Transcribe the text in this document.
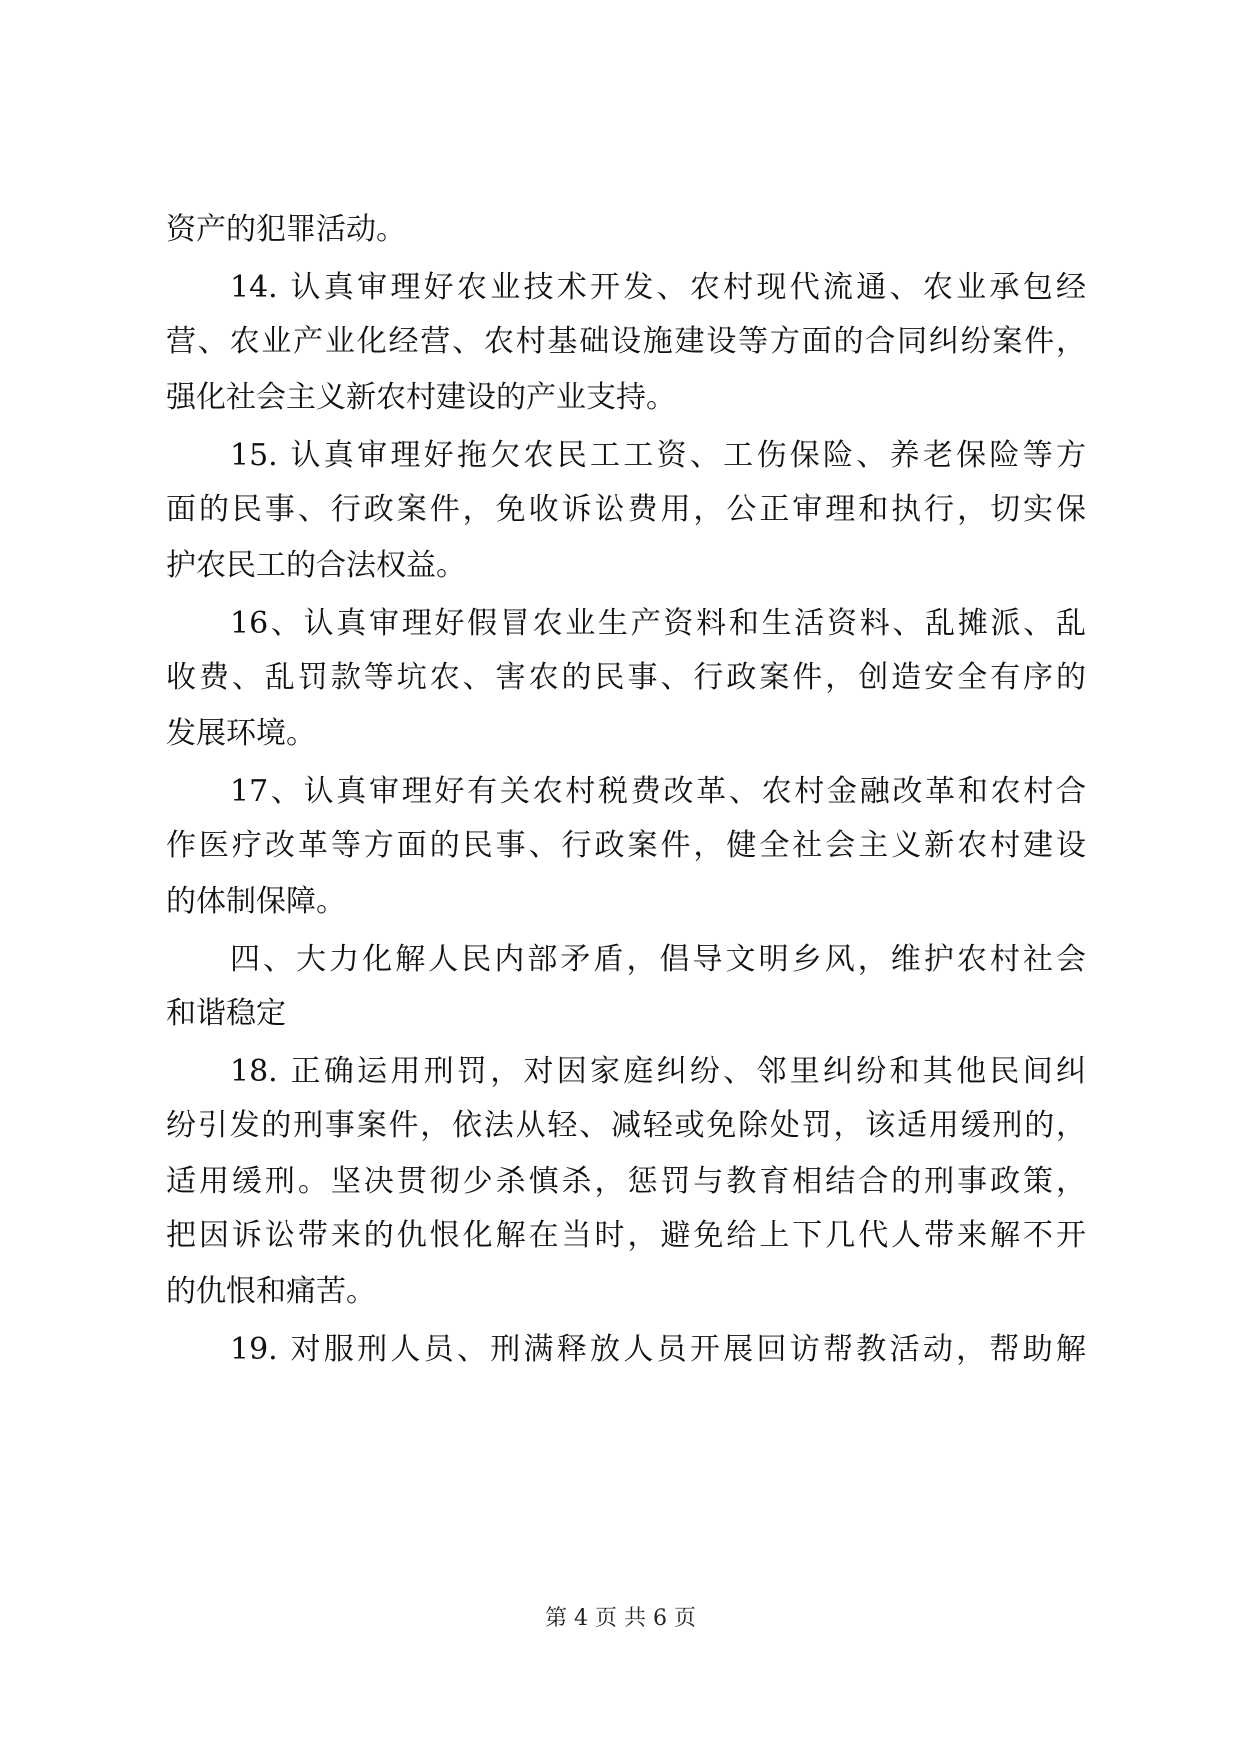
资产的犯罪活动。
14. 认真审理好农业技术开发、农村现代流通、农业承包经
营、农业产业化经营、农村基础设施建设等方面的合同纠纷案件，
强化社会主义新农村建设的产业支持。
15. 认真审理好拖欠农民工工资、工伤保险、养老保险等方
面的民事、行政案件，免收诉讼费用，公正审理和执行，切实保
护农民工的合法权益。
16、认真审理好假冒农业生产资料和生活资料、乱摊派、乱
收费、乱罚款等坑农、害农的民事、行政案件，创造安全有序的
发展环境。
17、认真审理好有关农村税费改革、农村金融改革和农村合
作医疗改革等方面的民事、行政案件，健全社会主义新农村建设
的体制保障。
四、大力化解人民内部矛盾，倡导文明乡风，维护农村社会
和谐稳定
18. 正确运用刑罚，对因家庭纠纷、邻里纠纷和其他民间纠
纷引发的刑事案件，依法从轻、减轻或免除处罚，该适用缓刑的，
适用缓刑。坚决贯彻少杀慎杀，惩罚与教育相结合的刑事政策，
把因诉讼带来的仇恨化解在当时，避免给上下几代人带来解不开
的仇恨和痛苦。
19. 对服刑人员、刑满释放人员开展回访帮教活动，帮助解
第 4 页 共 6 页
